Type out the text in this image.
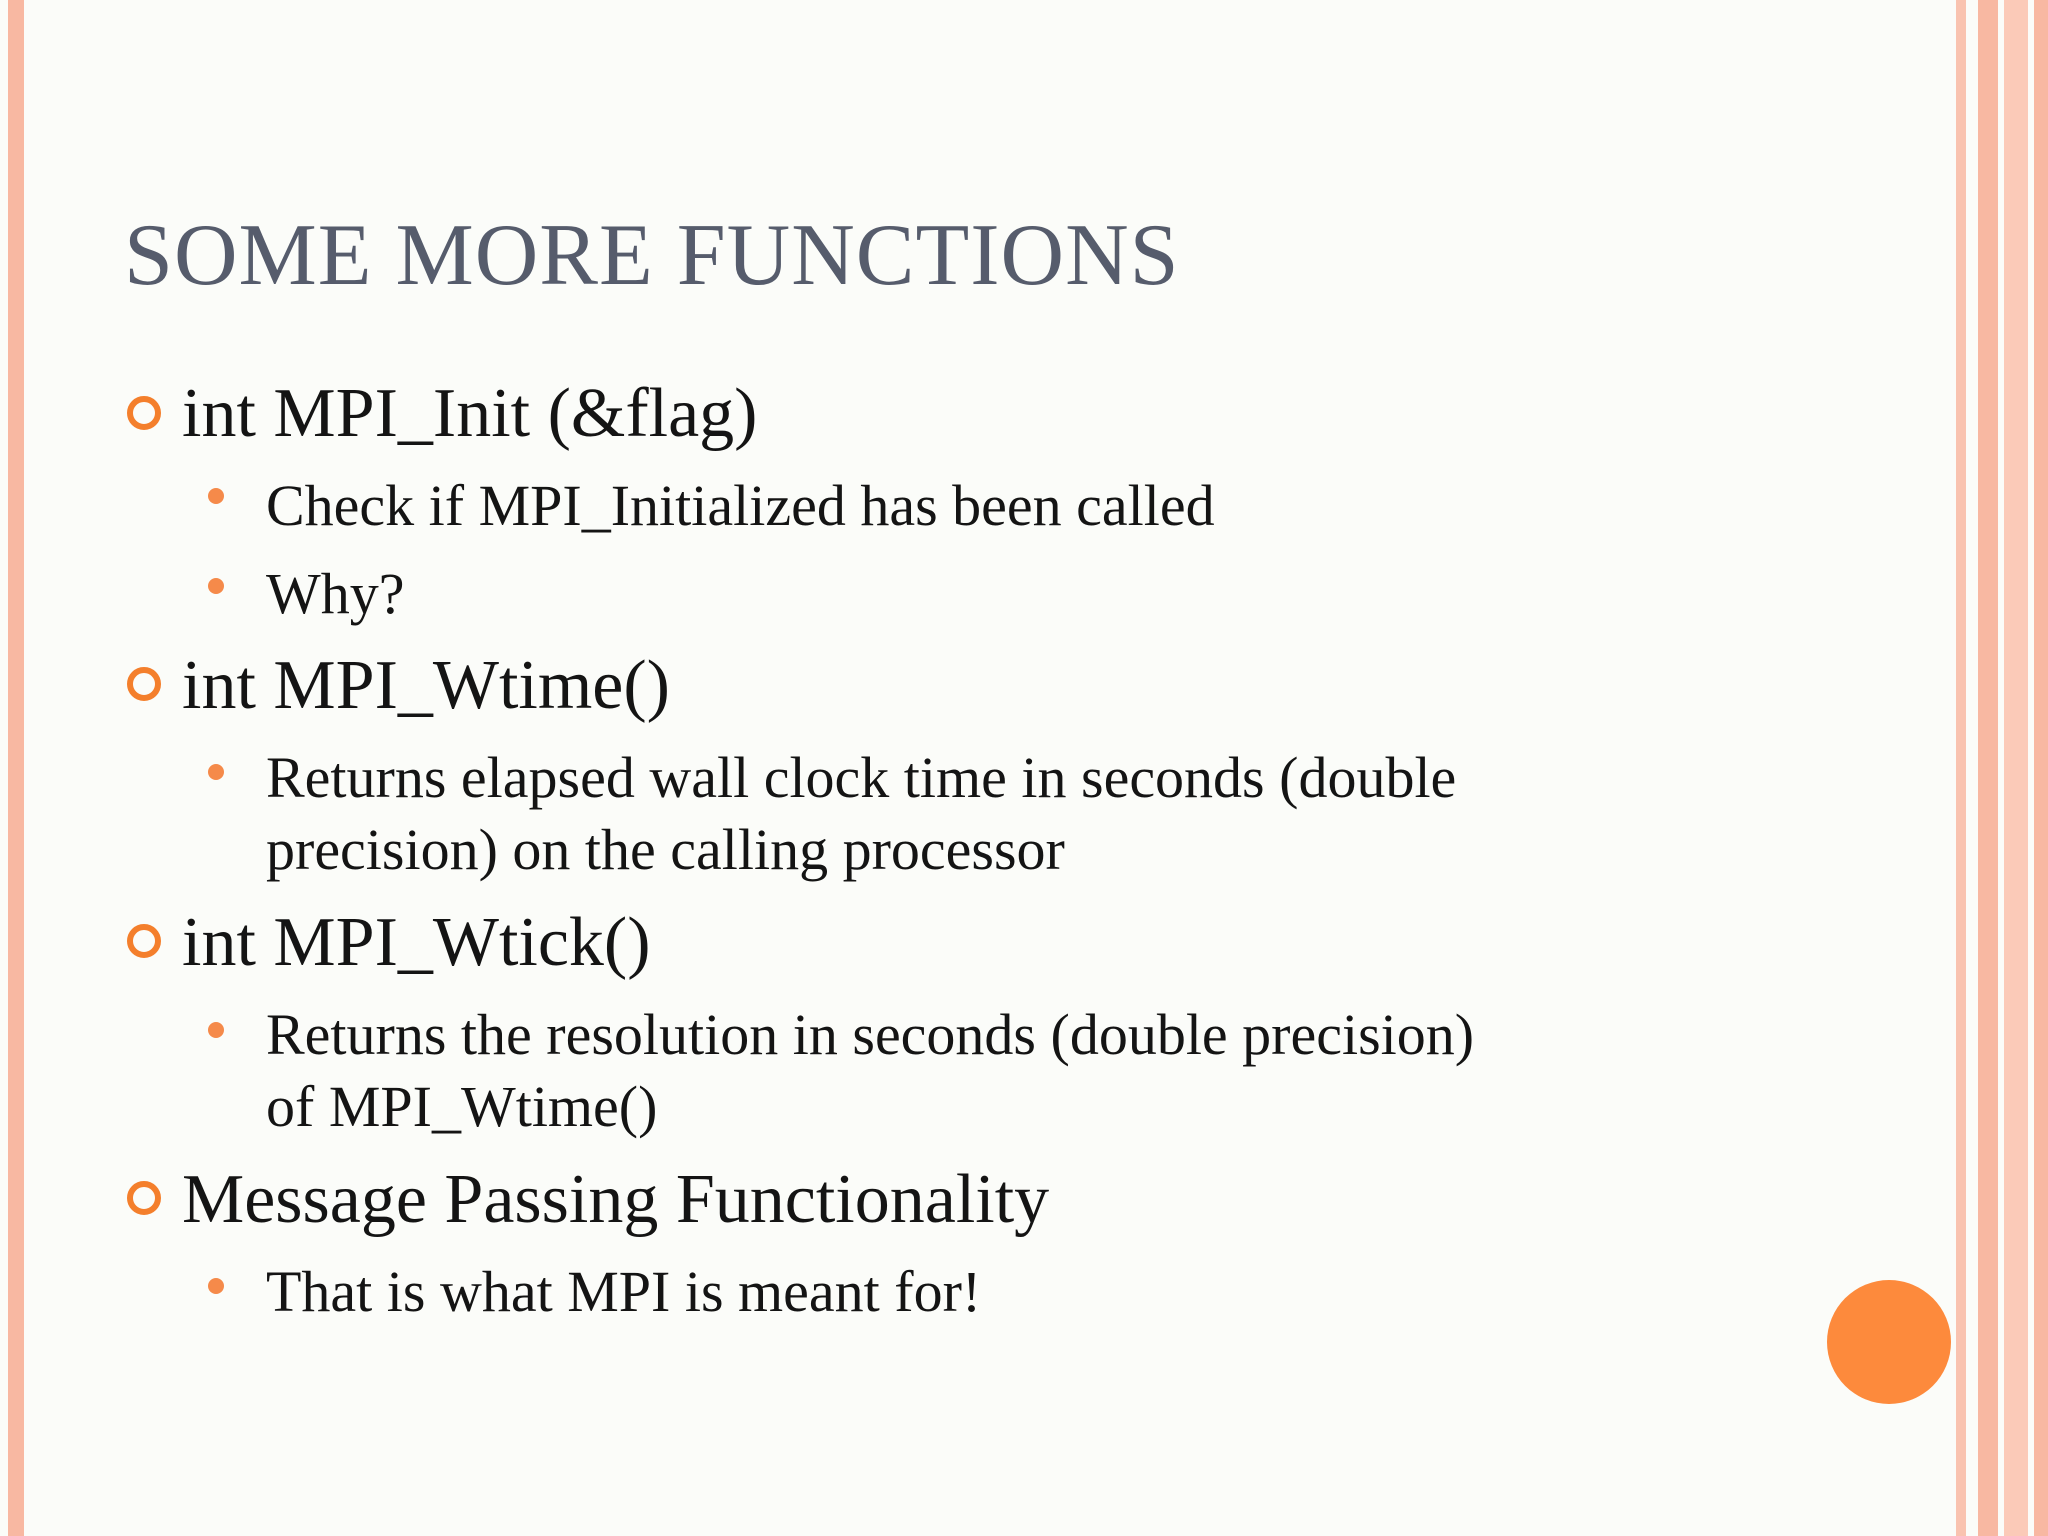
SOME MORE FUNCTIONS
int MPI_Init (&flag)
Check if MPI_Initialized has been called
Why?
int MPI_Wtime()
Returns elapsed wall clock time in seconds (double
precision) on the calling processor
int MPI_Wtick()
Returns the resolution in seconds (double precision)
of MPI_Wtime()
Message Passing Functionality
That is what MPI is meant for!
